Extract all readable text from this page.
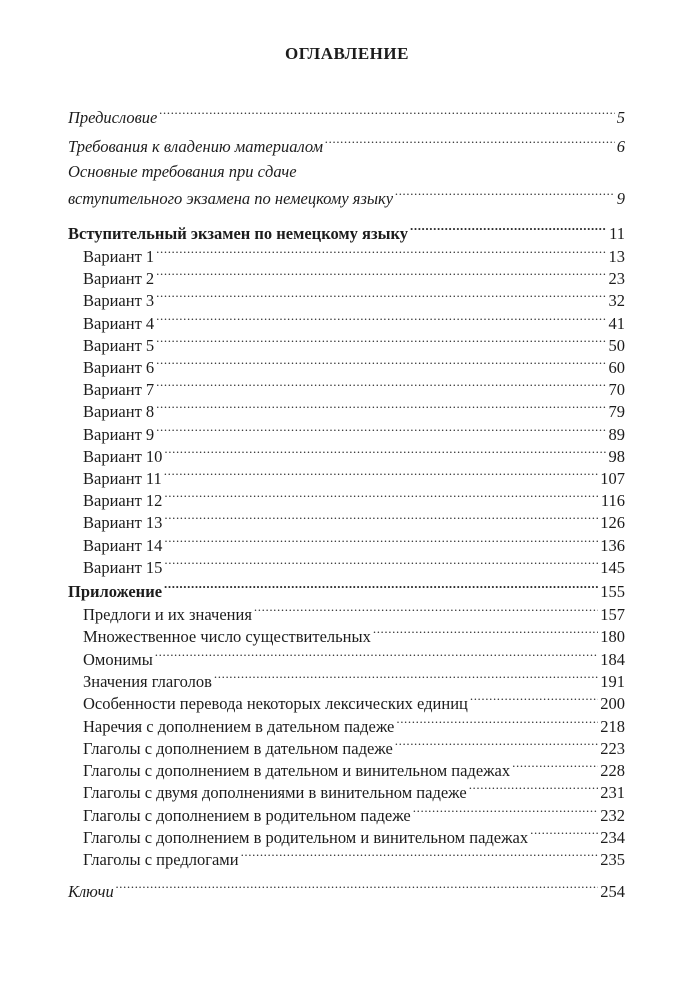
ОГЛАВЛЕНИЕ
Предисловие .....	5
Требования к владению материалом .....	6
Основные требования при сдаче
вступительного экзамена по немецкому языку .....	9
Вступительный экзамен по немецкому языку .....	11
Вариант 1 .....	13
Вариант 2 .....	23
Вариант 3 .....	32
Вариант 4 .....	41
Вариант 5 .....	50
Вариант 6 .....	60
Вариант 7 .....	70
Вариант 8 .....	79
Вариант 9 .....	89
Вариант 10 .....	98
Вариант 11 .....	107
Вариант 12 .....	116
Вариант 13 .....	126
Вариант 14 .....	136
Вариант 15 .....	145
Приложение .....	155
Предлоги и их значения .....	157
Множественное число существительных .....	180
Омонимы .....	184
Значения глаголов .....	191
Особенности перевода некоторых лексических единиц .....	200
Наречия с дополнением в дательном падеже .....	218
Глаголы с дополнением в дательном падеже .....	223
Глаголы с дополнением в дательном и винительном падежах .....	228
Глаголы с двумя дополнениями в винительном падеже .....	231
Глаголы с дополнением в родительном падеже .....	232
Глаголы с дополнением в родительном и винительном падежах .....	234
Глаголы с предлогами .....	235
Ключи .....	254
